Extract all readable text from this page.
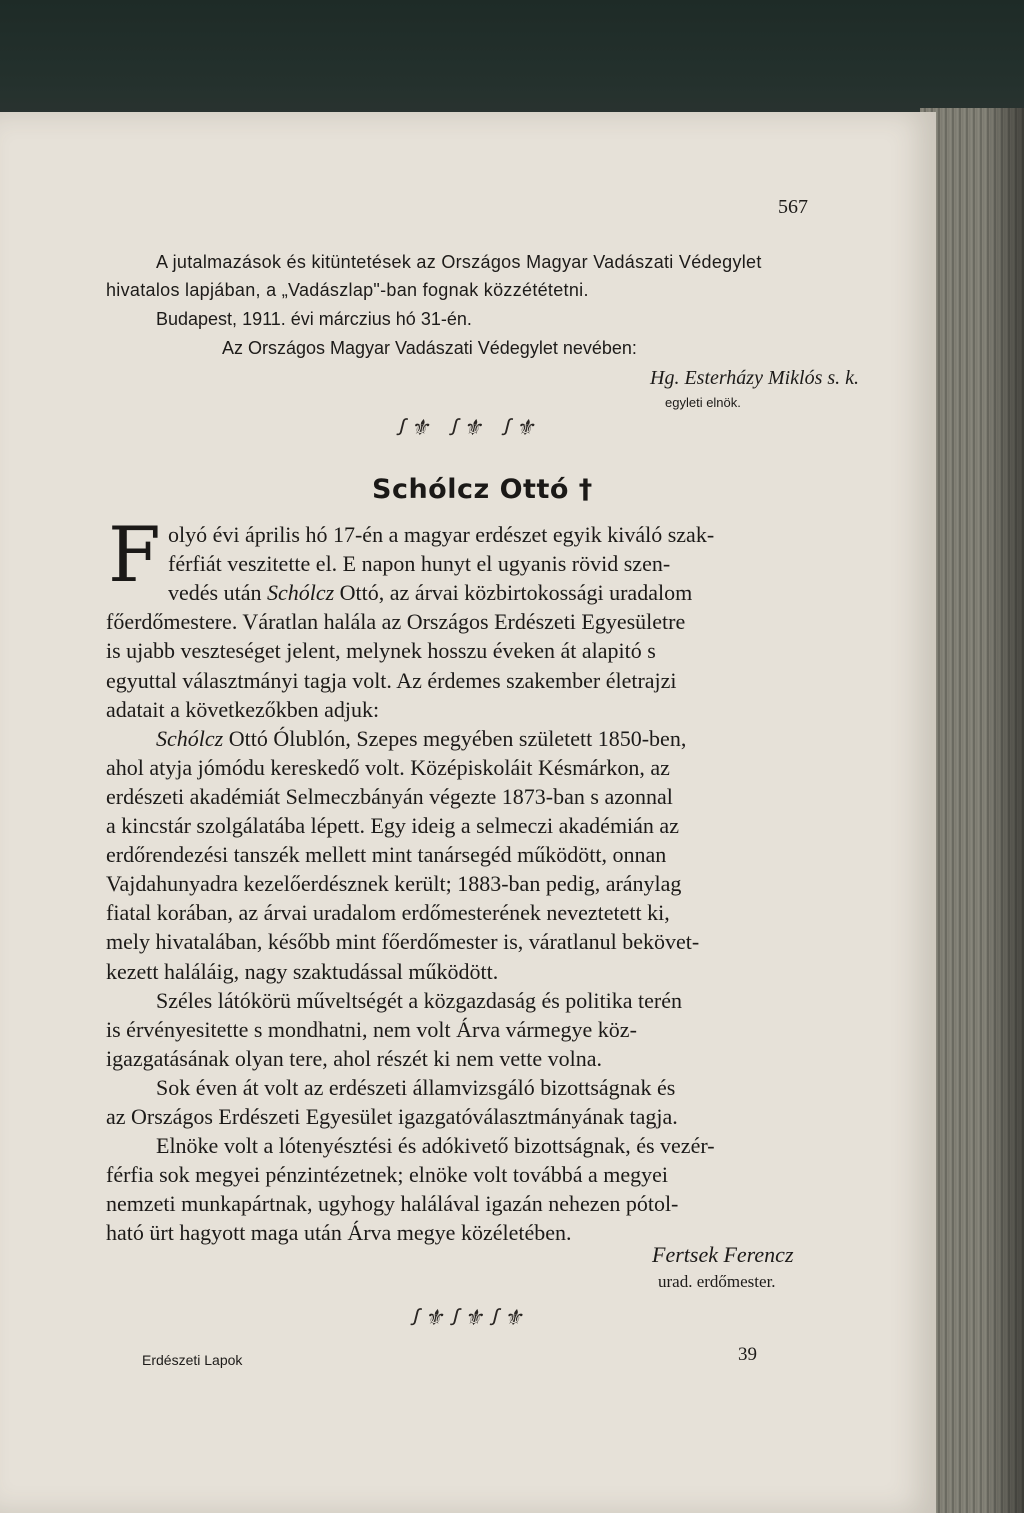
567

A jutalmazások és kitüntetések az Országos Magyar Vadászati Védegylet

hivatalos lapjában, a „Vadászlap"-ban fognak közzététetni.

Budapest, 1911. évi márczius hó 31-én.

Az Országos Magyar Vadászati Védegylet nevében:

Hg. Esterházy Miklós s. k.

egyleti elnök.

ꭍ⚜ ꭍ⚜ ꭍ⚜
Schólcz Ottó †
F olyó évi április hó 17-én a magyar erdészet egyik kiváló szak-
férfiát veszitette el. E napon hunyt el ugyanis rövid szen-
vedés után Schólcz Ottó, az árvai közbirtokossági uradalom
főerdőmestere. Váratlan halála az Országos Erdészeti Egyesületre
is ujabb veszteséget jelent, melynek hosszu éveken át alapitó s
egyuttal választmányi tagja volt. Az érdemes szakember életrajzi
adatait a következőkben adjuk:
Schólcz Ottó Ólublón, Szepes megyében született 1850-ben,
ahol atyja jómódu kereskedő volt. Középiskoláit Késmárkon, az
erdészeti akadémiát Selmeczbányán végezte 1873-ban s azonnal
a kincstár szolgálatába lépett. Egy ideig a selmeczi akadémián az
erdőrendezési tanszék mellett mint tanársegéd működött, onnan
Vajdahunyadra kezelőerdésznek került; 1883-ban pedig, aránylag
fiatal korában, az árvai uradalom erdőmesterének neveztetett ki,
mely hivatalában, később mint főerdőmester is, váratlanul bekövet-
kezett haláláig, nagy szaktudással működött.
Széles látókörü műveltségét a közgazdaság és politika terén
is érvényesitette s mondhatni, nem volt Árva vármegye köz-
igazgatásának olyan tere, ahol részét ki nem vette volna.
Sok éven át volt az erdészeti államvizsgáló bizottságnak és
az Országos Erdészeti Egyesület igazgatóválasztmányának tagja.
Elnöke volt a lótenyésztési és adókivető bizottságnak, és vezér-
férfia sok megyei pénzintézetnek; elnöke volt továbbá a megyei
nemzeti munkapártnak, ugyhogy halálával igazán nehezen pótol-
ható ürt hagyott maga után Árva megye közéletében.
Fertsek Ferencz
urad. erdőmester.
ꭍ⚜ꭍ⚜ꭍ⚜
Erdészeti Lapok	39
